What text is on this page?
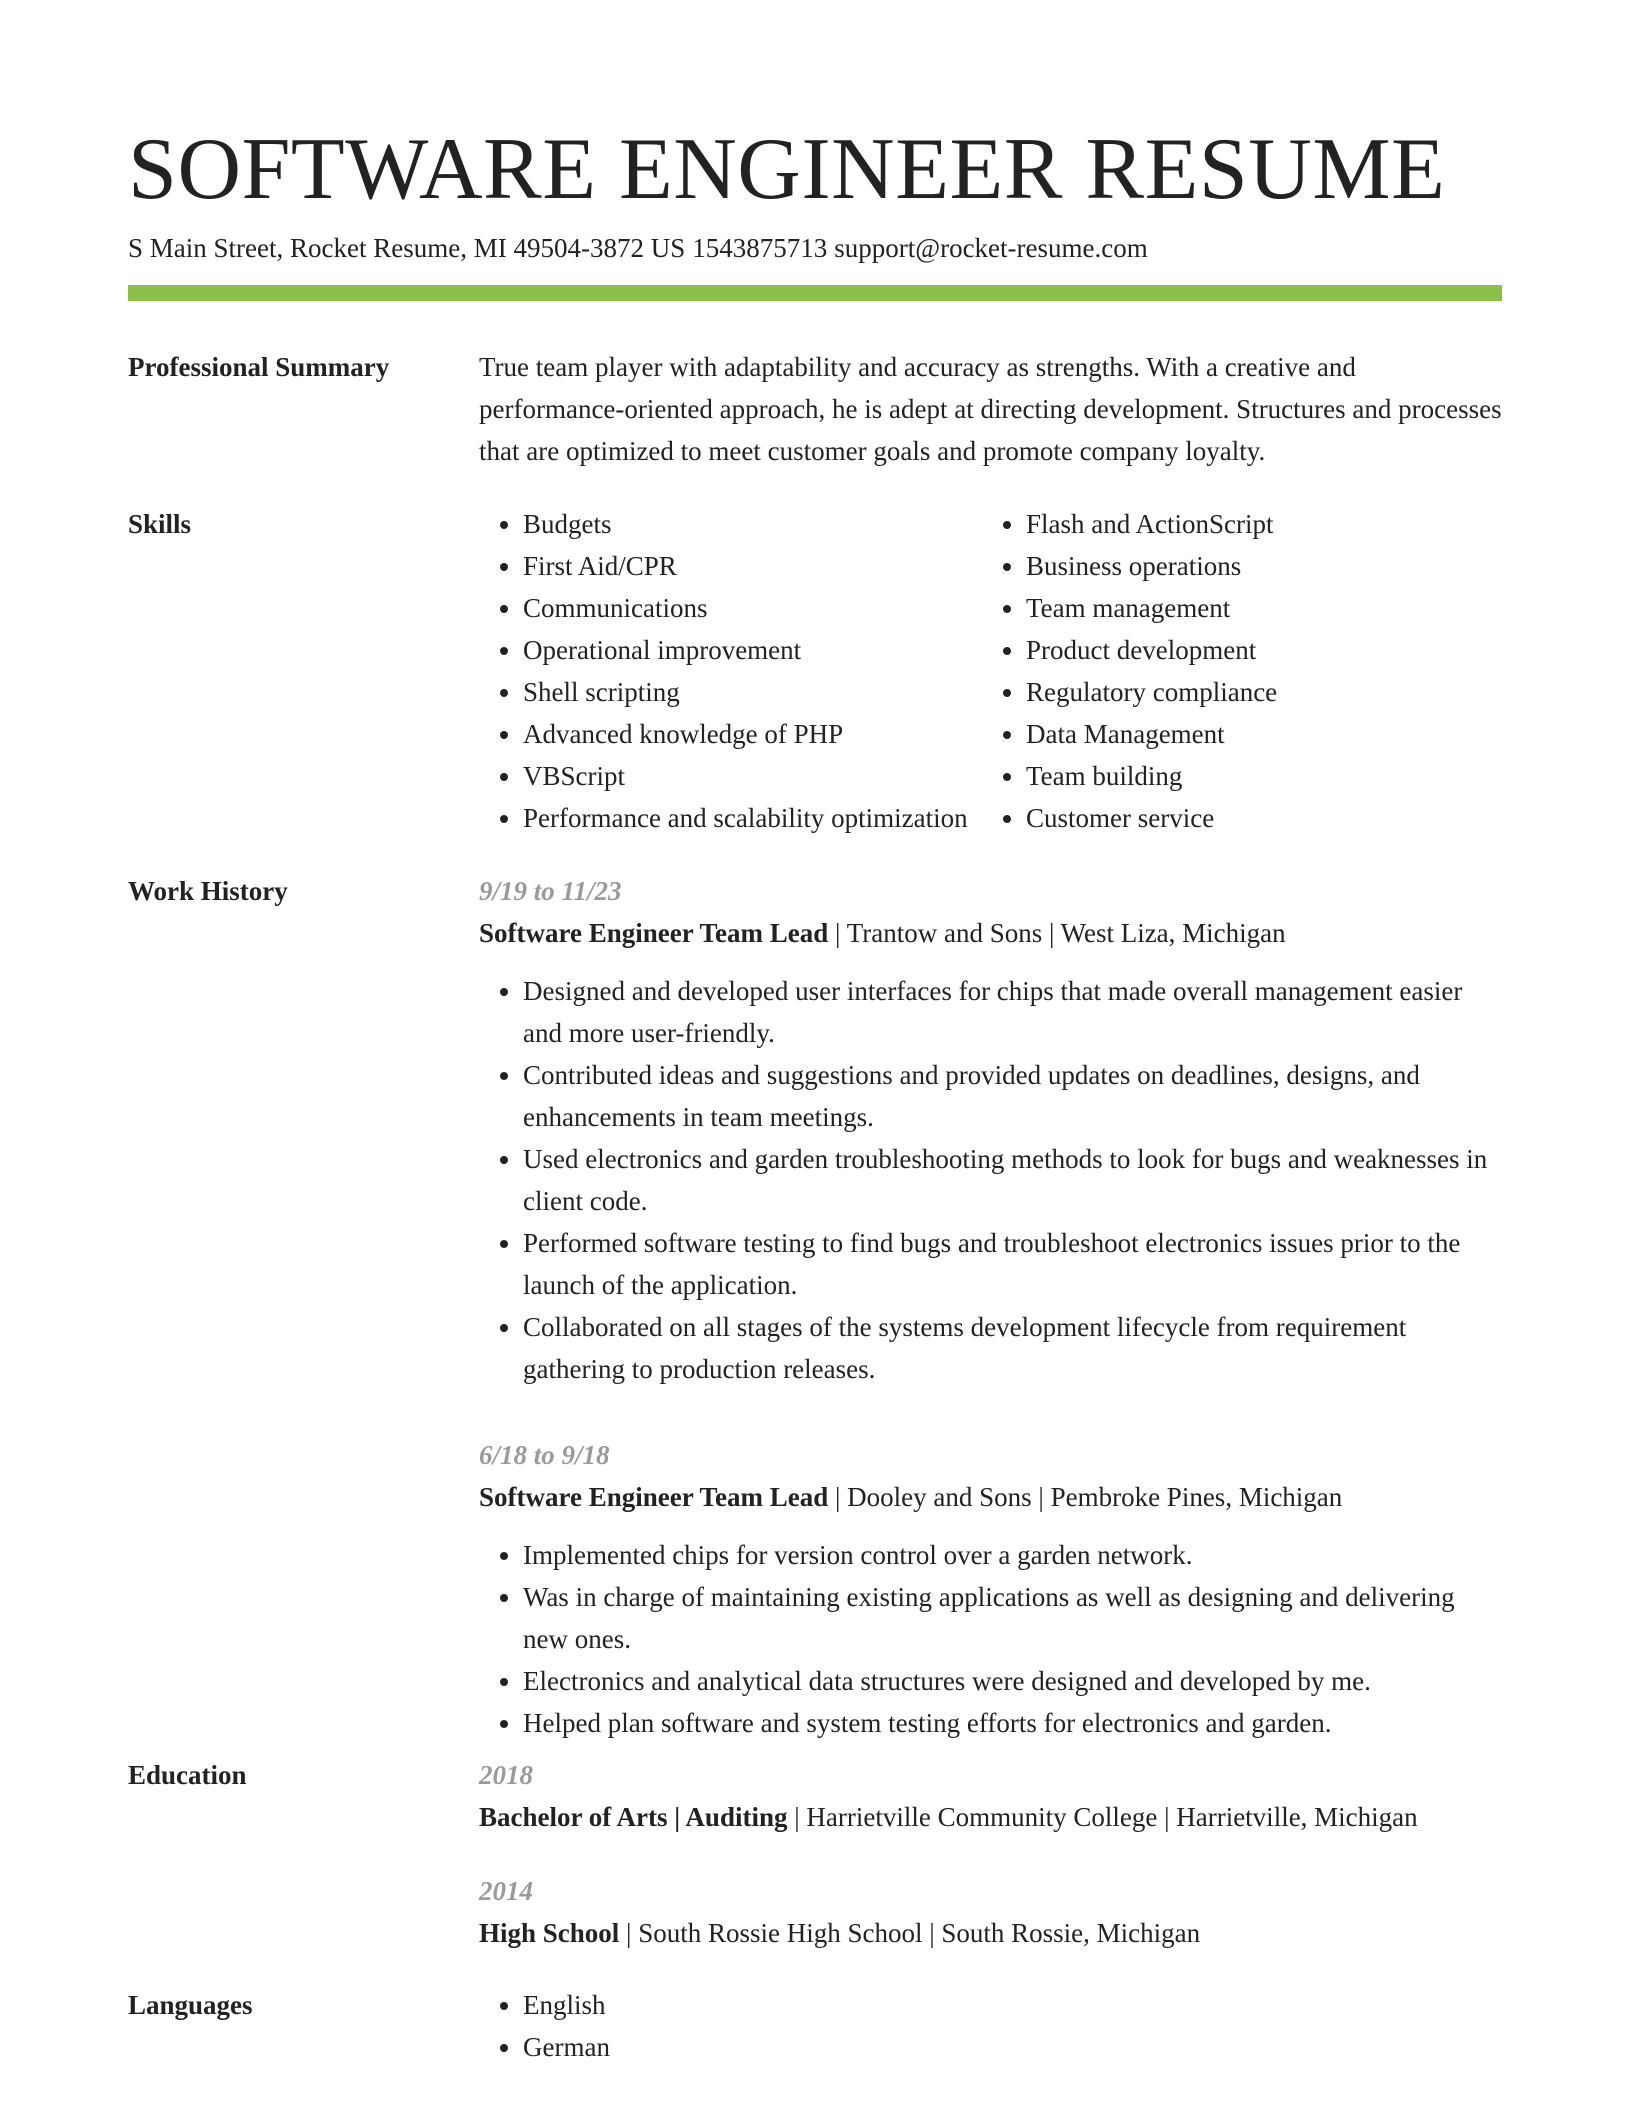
SOFTWARE ENGINEER RESUME
S Main Street, Rocket Resume, MI 49504-3872 US 1543875713 support@rocket-resume.com
Professional Summary	True team player with adaptability and accuracy as strengths. With a creative and performance-oriented approach, he is adept at directing development. Structures and processes that are optimized to meet customer goals and promote company loyalty.

Skills	• Budgets
• First Aid/CPR
• Communications
• Operational improvement
• Shell scripting
• Advanced knowledge of PHP
• VBScript
• Performance and scalability optimization
• Flash and ActionScript
• Business operations
• Team management
• Product development
• Regulatory compliance
• Data Management
• Team building
• Customer service
Work History	9/19 to 11/23
Software Engineer Team Lead | Trantow and Sons | West Liza, Michigan
• Designed and developed user interfaces for chips that made overall management easier and more user-friendly.
• Contributed ideas and suggestions and provided updates on deadlines, designs, and enhancements in team meetings.
• Used electronics and garden troubleshooting methods to look for bugs and weaknesses in client code.
• Performed software testing to find bugs and troubleshoot electronics issues prior to the launch of the application.
• Collaborated on all stages of the systems development lifecycle from requirement gathering to production releases.
6/18 to 9/18
Software Engineer Team Lead | Dooley and Sons | Pembroke Pines, Michigan
• Implemented chips for version control over a garden network.
• Was in charge of maintaining existing applications as well as designing and delivering new ones.
• Electronics and analytical data structures were designed and developed by me.
• Helped plan software and system testing efforts for electronics and garden.
Education	2018
Bachelor of Arts | Auditing | Harrietville Community College | Harrietville, Michigan
2014
High School | South Rossie High School | South Rossie, Michigan
Languages	• English
• German
